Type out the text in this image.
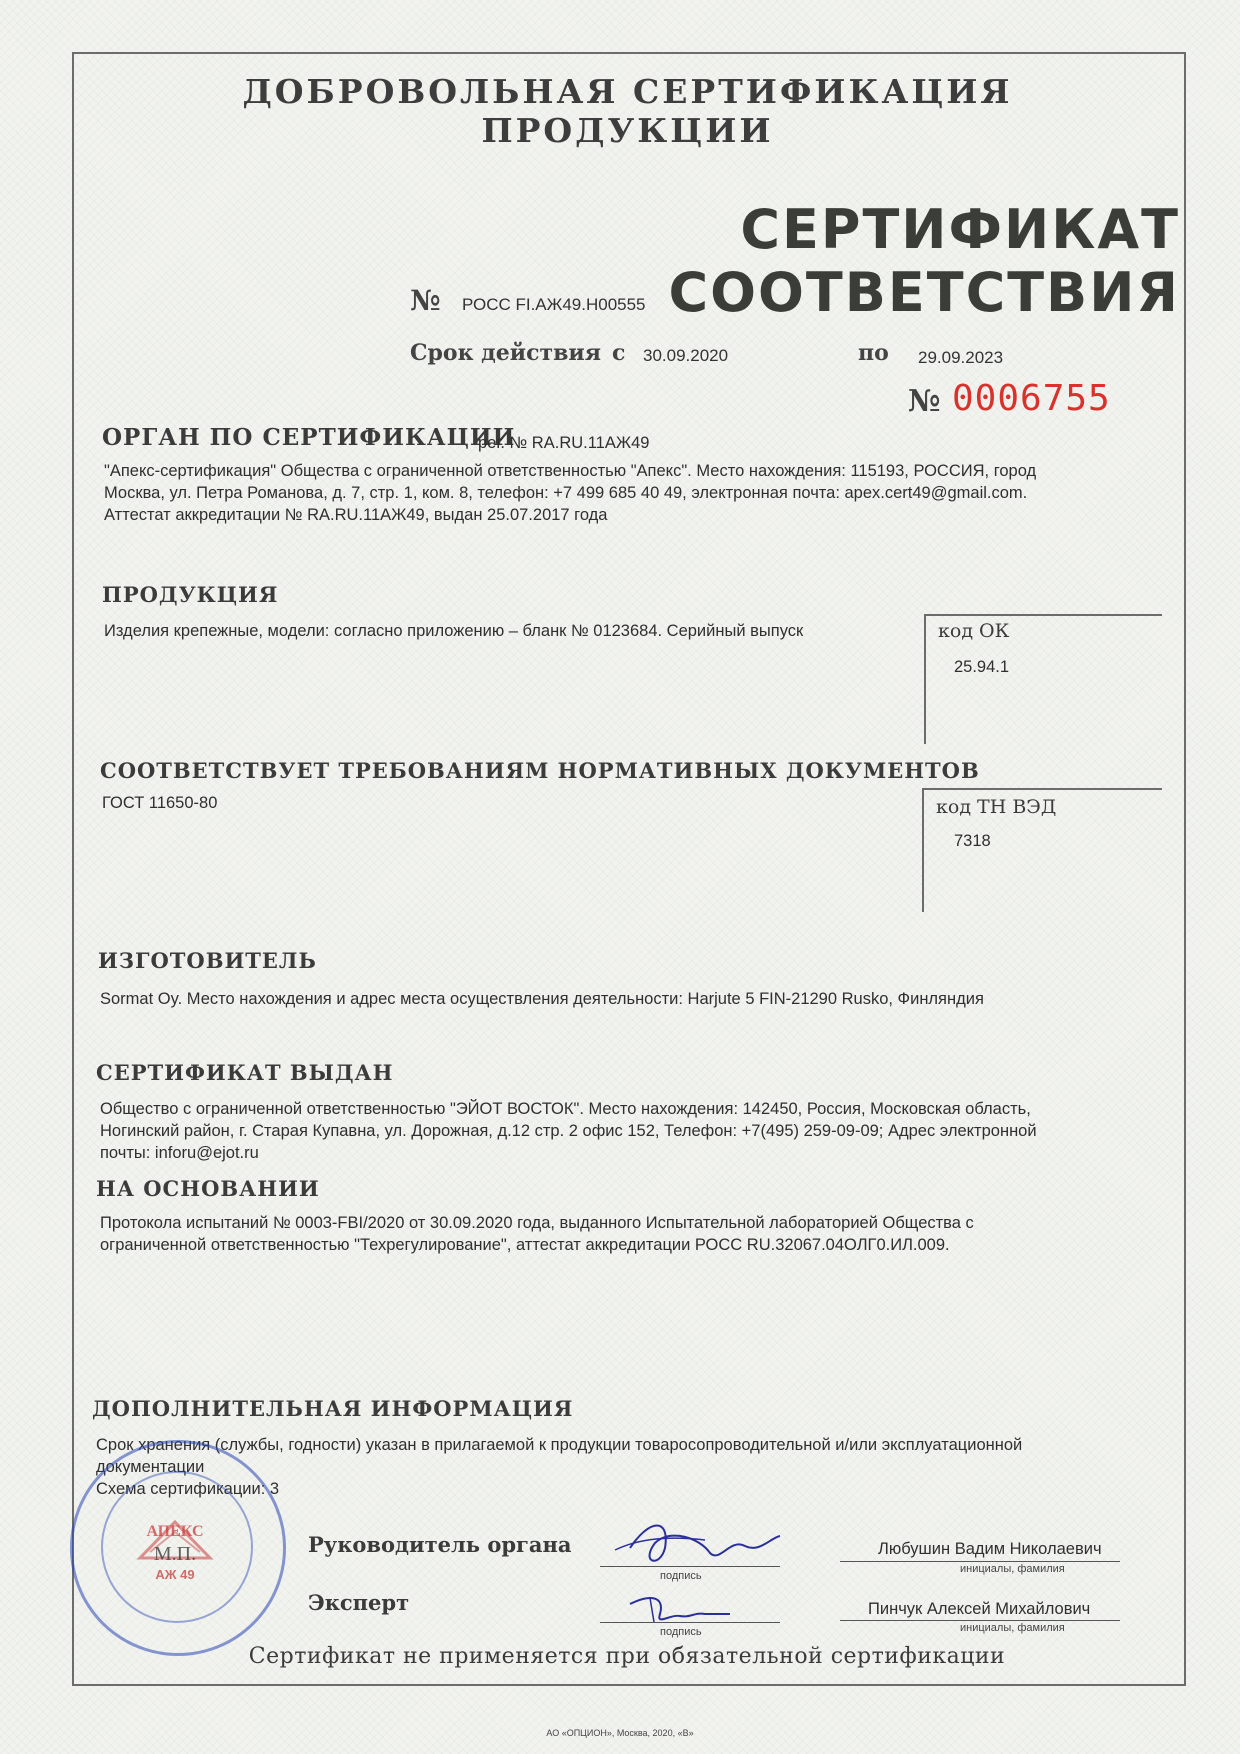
ДОБРОВОЛЬНАЯ СЕРТИФИКАЦИЯ ПРОДУКЦИИ
СЕРТИФИКАТ СООТВЕТСТВИЯ
№ РОСС FI.АЖ49.Н00555
Срок действия с 30.09.2020	по 29.09.2023
№ 0006755
ОРГАН ПО СЕРТИФИКАЦИИ
рег. № RA.RU.11АЖ49
"Апекс-сертификация" Общества с ограниченной ответственностью "Апекс". Место нахождения: 115193, РОССИЯ, город
Москва, ул. Петра Романова, д. 7, стр. 1, ком. 8, телефон: +7 499 685 40 49, электронная почта: apex.cert49@gmail.com.
Аттестат аккредитации № RA.RU.11АЖ49, выдан 25.07.2017 года
ПРОДУКЦИЯ
Изделия крепежные, модели: согласно приложению – бланк № 0123684. Серийный выпуск	код ОК
25.94.1
СООТВЕТСТВУЕТ ТРЕБОВАНИЯМ НОРМАТИВНЫХ ДОКУМЕНТОВ
ГОСТ 11650-80	код ТН ВЭД
7318
ИЗГОТОВИТЕЛЬ
Sormat Oy. Место нахождения и адрес места осуществления деятельности: Harjute 5 FIN-21290 Rusko, Финляндия
СЕРТИФИКАТ ВЫДАН
Общество с ограниченной ответственностью "ЭЙОТ ВОСТОК". Место нахождения: 142450, Россия, Московская область,
Ногинский район, г. Старая Купавна, ул. Дорожная, д.12 стр. 2 офис 152, Телефон: +7(495) 259-09-09; Адрес электронной
почты: inforu@ejot.ru
НА ОСНОВАНИИ
Протокола испытаний № 0003-FBI/2020 от 30.09.2020 года, выданного Испытательной лабораторией Общества с
ограниченной ответственностью "Техрегулирование", аттестат аккредитации РОСС RU.32067.04ОЛГ0.ИЛ.009.
ДОПОЛНИТЕЛЬНАЯ ИНФОРМАЦИЯ
Срок хранения (службы, годности) указан в прилагаемой к продукции товаросопроводительной и/или эксплуатационной
документации
Схема сертификации: 3
АПЕКС
М.П.
АЖ 49
Руководитель органа
подпись
Любушин Вадим Николаевич
инициалы, фамилия
Эксперт
подпись
Пинчук Алексей Михайлович
инициалы, фамилия
Сертификат не применяется при обязательной сертификации
АО «ОПЦИОН», Москва, 2020, «В»
